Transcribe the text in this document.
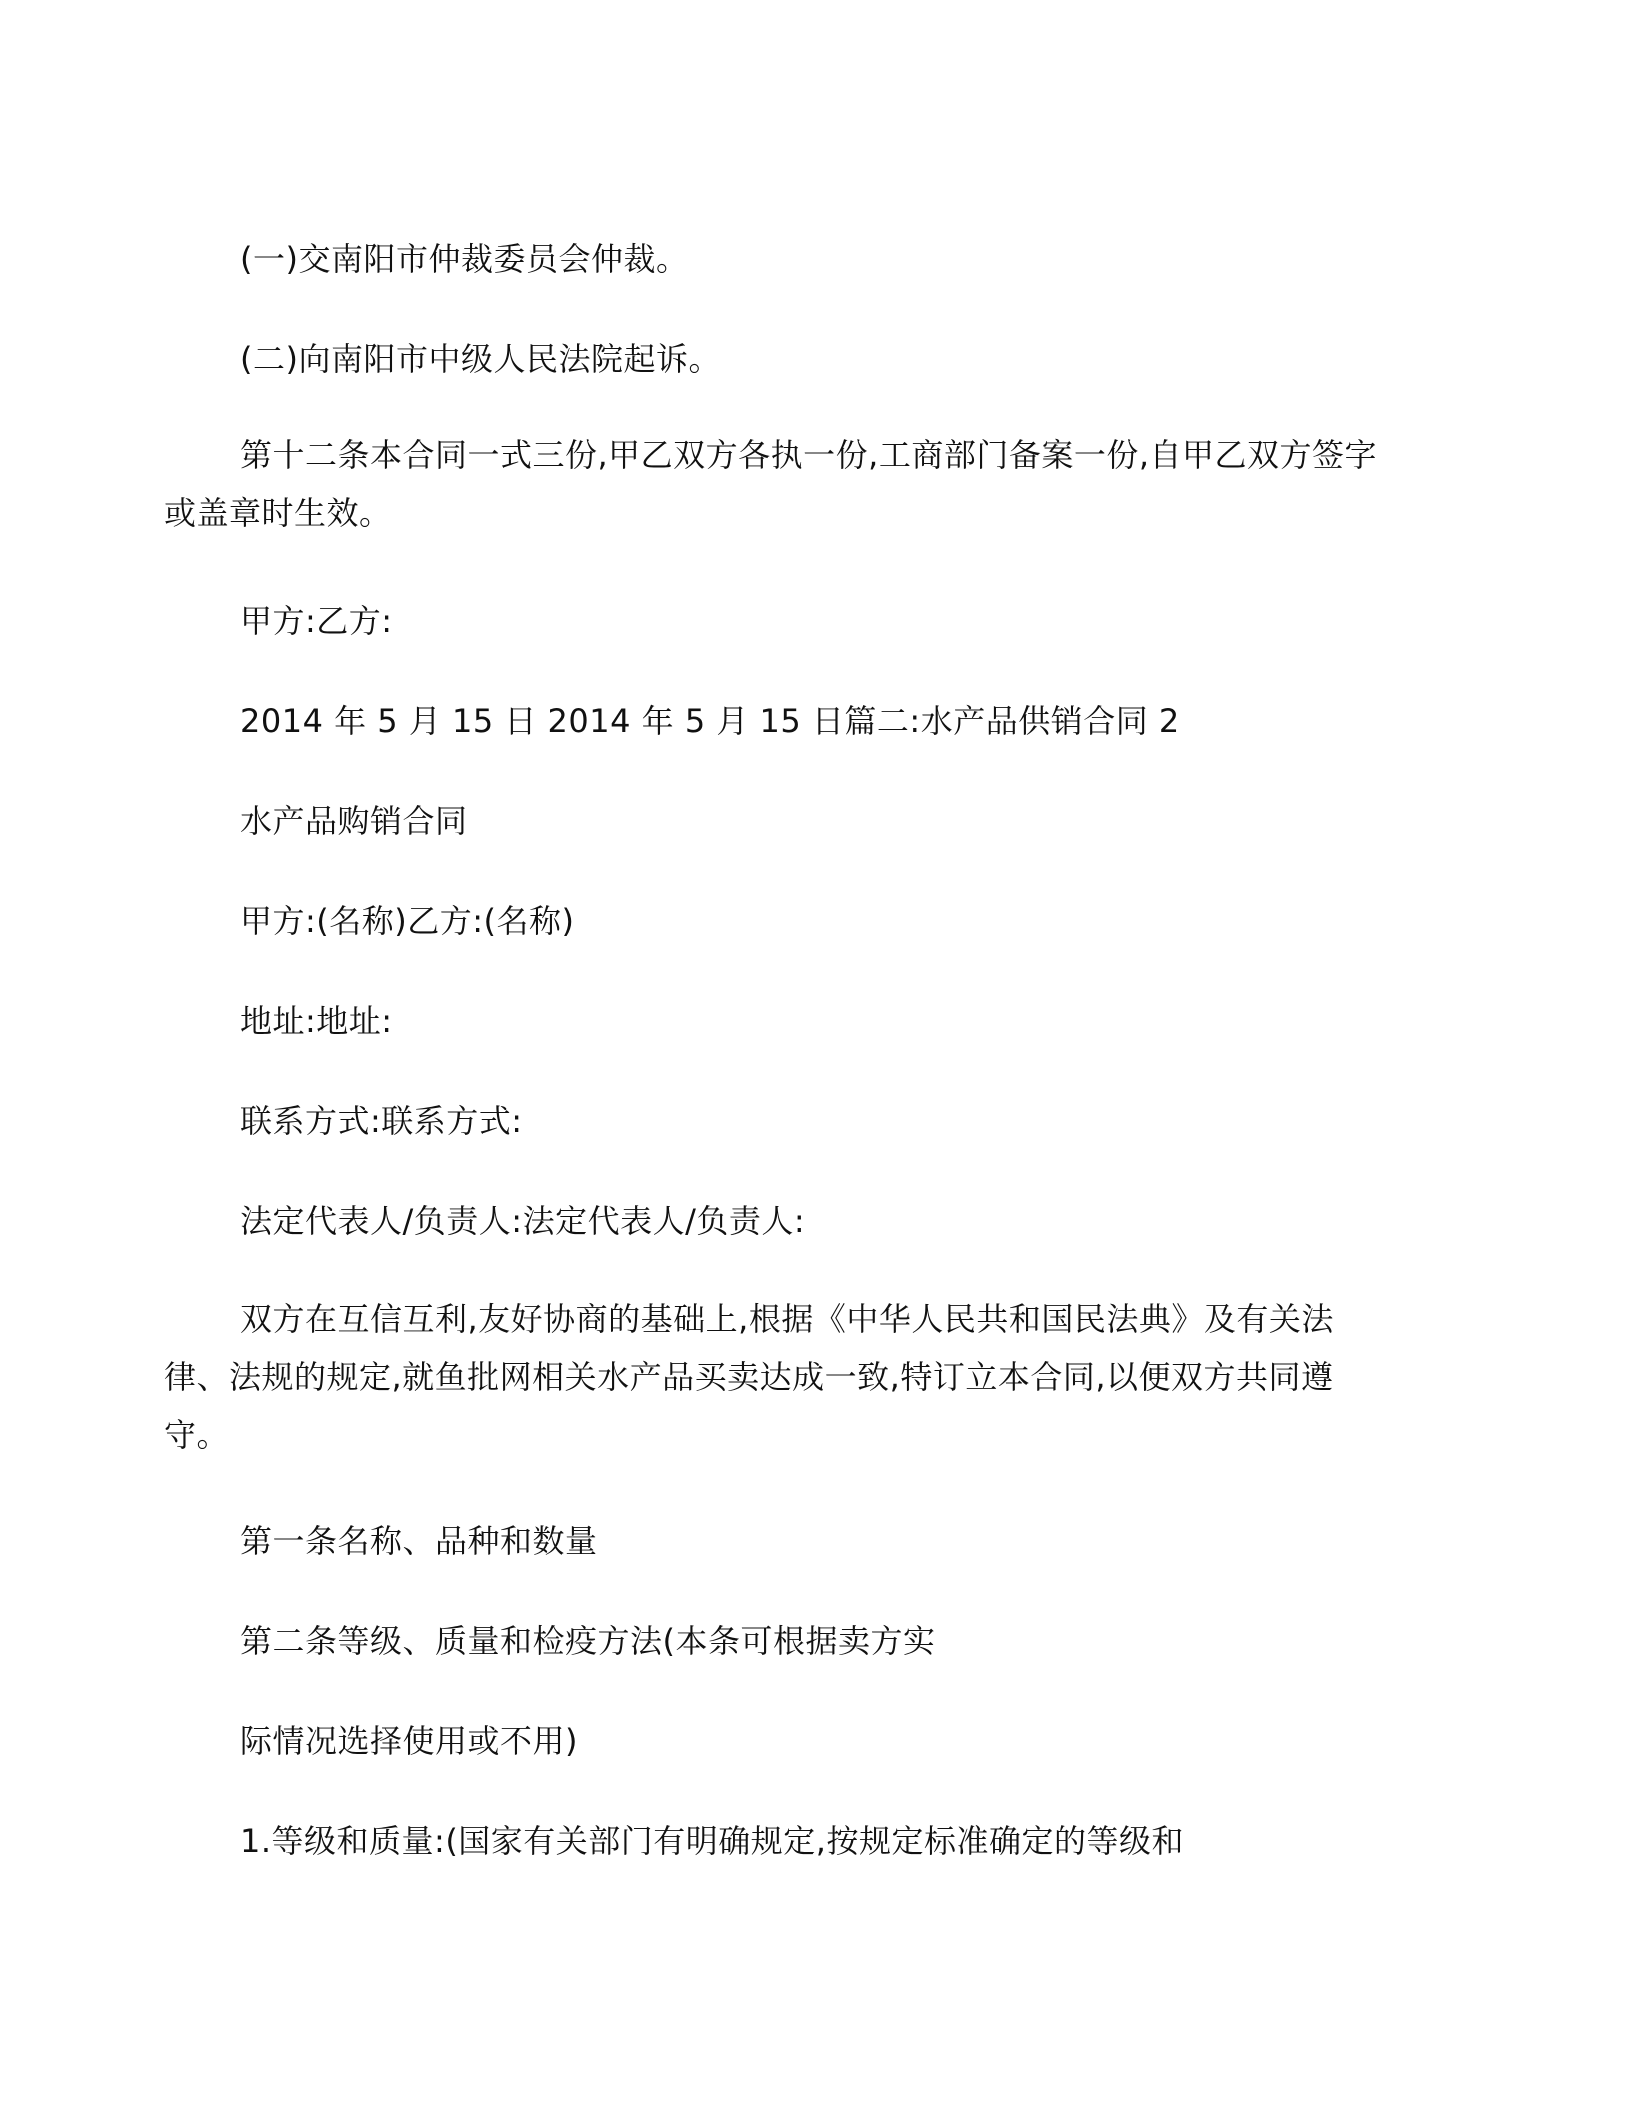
(一)交南阳市仲裁委员会仲裁。
(二)向南阳市中级人民法院起诉。
第十二条本合同一式三份,甲乙双方各执一份,工商部门备案一份,自甲乙双方签字或盖章时生效。
甲方:乙方:
2014 年 5 月 15 日 2014 年 5 月 15 日篇二:水产品供销合同 2
水产品购销合同
甲方:(名称)乙方:(名称)
地址:地址:
联系方式:联系方式:
法定代表人/负责人:法定代表人/负责人:
双方在互信互利,友好协商的基础上,根据《中华人民共和国民法典》及有关法律、法规的规定,就鱼批网相关水产品买卖达成一致,特订立本合同,以便双方共同遵守。
第一条名称、品种和数量
第二条等级、质量和检疫方法(本条可根据卖方实
际情况选择使用或不用)
1.等级和质量:(国家有关部门有明确规定,按规定标准确定的等级和
